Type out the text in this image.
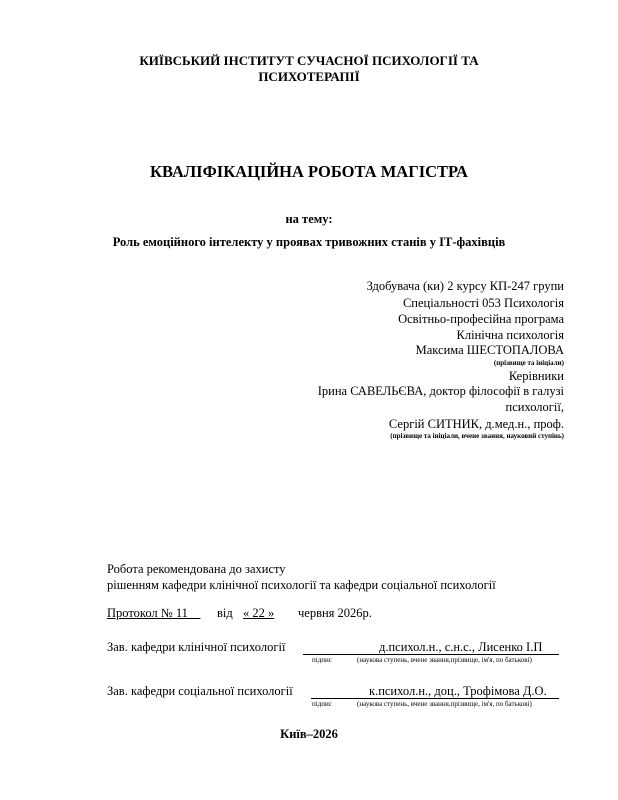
КИЇВСЬКИЙ ІНСТИТУТ СУЧАСНОЇ ПСИХОЛОГІЇ ТА
ПСИХОТЕРАПІЇ
КВАЛІФІКАЦІЙНА РОБОТА МАГІСТРА
на тему:
Роль емоційного інтелекту у проявах тривожних станів у ІТ-фахівців
Здобувача (ки) 2 курсу КП-247 групи
Спеціальності 053 Психологія
Освітньо-професійна програма
Клінічна психологія
Максима ШЕСТОПАЛОВА
(прізвище та ініціали)
Керівники
Ірина САВЕЛЬЄВА, доктор філософії в галузі
психології,
Сергій СИТНИК, д.мед.н., проф.
(прізвище та ініціали, вчене звання, науковий ступінь)
Робота рекомендована до захисту
рішенням кафедри клінічної психології та кафедри соціальної психології
Протокол № 11	від « 22 » червня 2026р.
Зав. кафедри клінічної психології	д.психол.н., с.н.с., Лисенко І.П
підпис	(наукова ступень, вчене звання,прізвище, ім'я, по батькові)
Зав. кафедри соціальної психології	к.психол.н., доц., Трофімова Д.О.
підпис	(наукова ступень, вчене звання,прізвище, ім'я, по батькові)
Київ–2026
